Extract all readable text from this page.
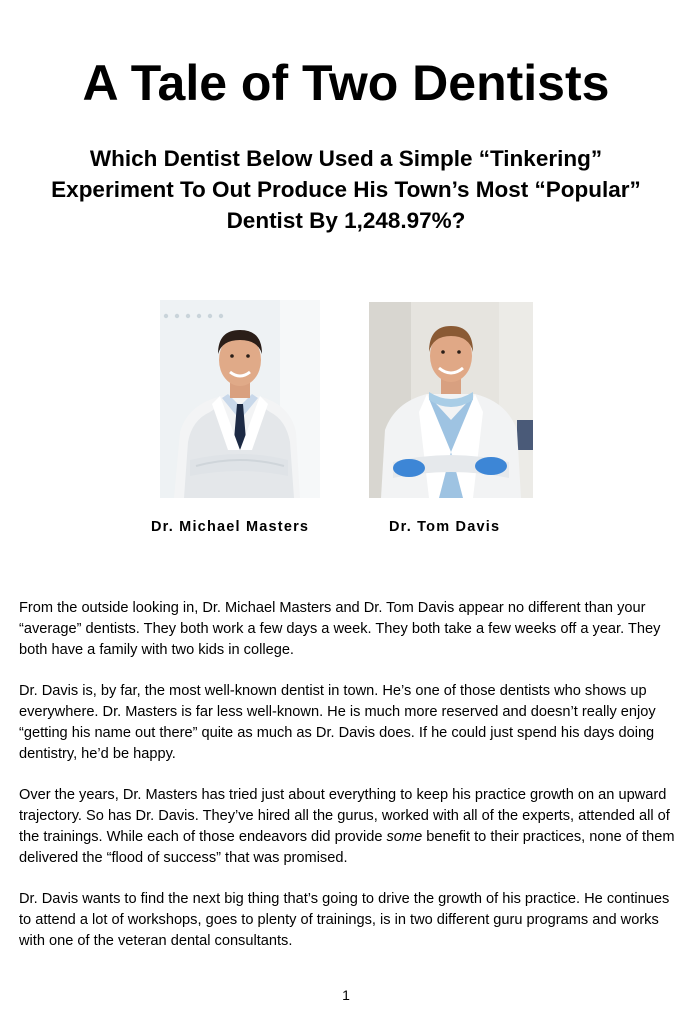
A Tale of Two Dentists
Which Dentist Below Used a Simple “Tinkering” Experiment To Out Produce His Town’s Most “Popular” Dentist By 1,248.97%?
Dr. Michael Masters	Dr. Tom Davis

From the outside looking in, Dr. Michael Masters and Dr. Tom Davis appear no different than your “average” dentists. They both work a few days a week. They both take a few weeks off a year. They both have a family with two kids in college.

Dr. Davis is, by far, the most well-known dentist in town. He’s one of those dentists who shows up everywhere. Dr. Masters is far less well-known. He is much more reserved and doesn’t really enjoy “getting his name out there” quite as much as Dr. Davis does. If he could just spend his days doing dentistry, he’d be happy.

Over the years, Dr. Masters has tried just about everything to keep his practice growth on an upward trajectory. So has Dr. Davis. They’ve hired all the gurus, worked with all of the experts, attended all of the trainings. While each of those endeavors did provide some benefit to their practices, none of them delivered the “flood of success” that was promised.

Dr. Davis wants to find the next big thing that’s going to drive the growth of his practice. He continues to attend a lot of workshops, goes to plenty of trainings, is in two different guru programs and works with one of the veteran dental consultants.

1
